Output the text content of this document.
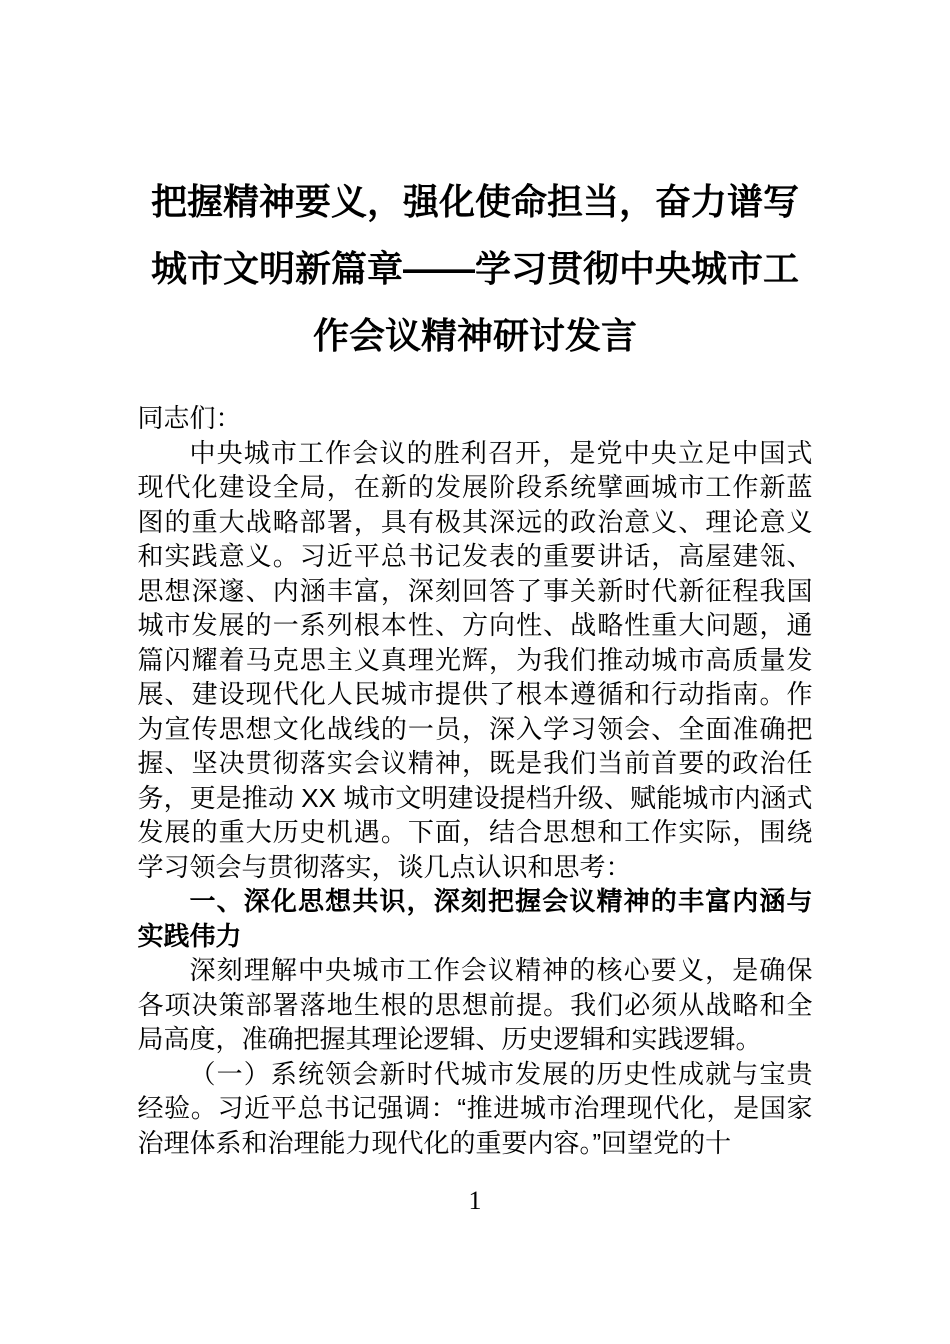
把握精神要义，强化使命担当，奋力谱写城市文明新篇章——学习贯彻中央城市工作会议精神研讨发言

同志们：

中央城市工作会议的胜利召开，是党中央立足中国式现代化建设全局，在新的发展阶段系统擘画城市工作新蓝图的重大战略部署，具有极其深远的政治意义、理论意义和实践意义。习近平总书记发表的重要讲话，高屋建瓴、思想深邃、内涵丰富，深刻回答了事关新时代新征程我国城市发展的一系列根本性、方向性、战略性重大问题，通篇闪耀着马克思主义真理光辉，为我们推动城市高质量发展、建设现代化人民城市提供了根本遵循和行动指南。作为宣传思想文化战线的一员，深入学习领会、全面准确把握、坚决贯彻落实会议精神，既是我们当前首要的政治任务，更是推动 XX 城市文明建设提档升级、赋能城市内涵式发展的重大历史机遇。下面，结合思想和工作实际，围绕学习领会与贯彻落实，谈几点认识和思考：

一、深化思想共识，深刻把握会议精神的丰富内涵与实践伟力

深刻理解中央城市工作会议精神的核心要义，是确保各项决策部署落地生根的思想前提。我们必须从战略和全局高度，准确把握其理论逻辑、历史逻辑和实践逻辑。

（一）系统领会新时代城市发展的历史性成就与宝贵经验。习近平总书记强调：“推进城市治理现代化，是国家治理体系和治理能力现代化的重要内容。”回望党的十

1
